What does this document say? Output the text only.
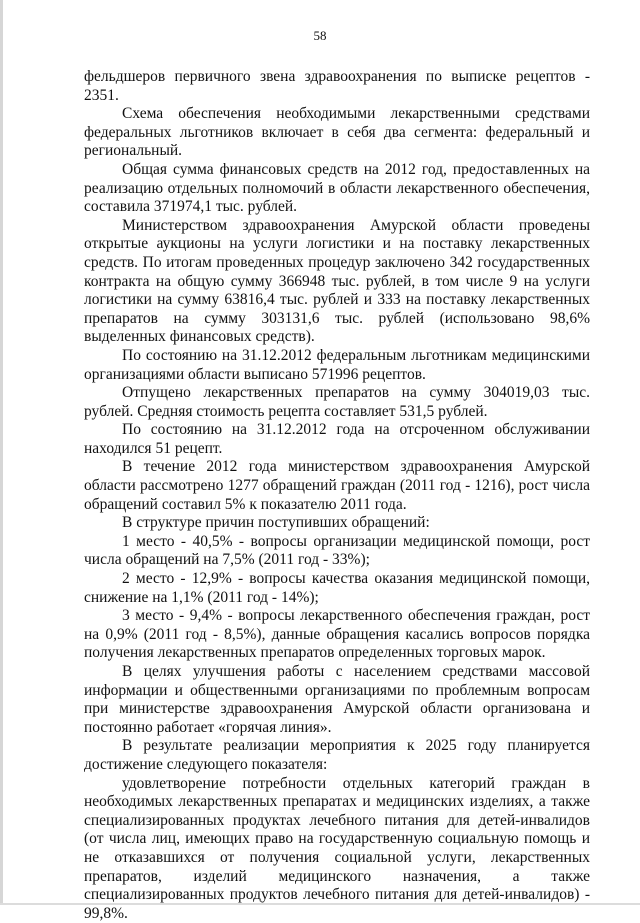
58

фельдшеров первичного звена здравоохранения по выписке рецептов - 2351.

Схема обеспечения необходимыми лекарственными средствами федеральных льготников включает в себя два сегмента: федеральный и региональный.

Общая сумма финансовых средств на 2012 год, предоставленных на реализацию отдельных полномочий в области лекарственного обеспечения, составила 371974,1 тыс. рублей.

Министерством здравоохранения Амурской области проведены открытые аукционы на услуги логистики и на поставку лекарственных средств. По итогам проведенных процедур заключено 342 государственных контракта на общую сумму 366948 тыс. рублей, в том числе 9 на услуги логистики на сумму 63816,4 тыс. рублей и 333 на поставку лекарственных препаратов на сумму 303131,6 тыс. рублей (использовано 98,6% выделенных финансовых средств).

По состоянию на 31.12.2012 федеральным льготникам медицинскими организациями области выписано 571996 рецептов.

Отпущено лекарственных препаратов на сумму 304019,03 тыс. рублей. Средняя стоимость рецепта составляет 531,5 рублей.

По состоянию на 31.12.2012 года на отсроченном обслуживании находился 51 рецепт.

В течение 2012 года министерством здравоохранения Амурской области рассмотрено 1277 обращений граждан (2011 год - 1216), рост числа обращений составил 5% к показателю 2011 года.

В структуре причин поступивших обращений:

1 место - 40,5% - вопросы организации медицинской помощи, рост числа обращений на 7,5% (2011 год - 33%);

2 место - 12,9% - вопросы качества оказания медицинской помощи, снижение на 1,1% (2011 год - 14%);

3 место - 9,4% - вопросы лекарственного обеспечения граждан, рост на 0,9% (2011 год - 8,5%), данные обращения касались вопросов порядка получения лекарственных препаратов определенных торговых марок.

В целях улучшения работы с населением средствами массовой информации и общественными организациями по проблемным вопросам при министерстве здравоохранения Амурской области организована и постоянно работает «горячая линия».

В результате реализации мероприятия к 2025 году планируется достижение следующего показателя:

удовлетворение потребности отдельных категорий граждан в необходимых лекарственных препаратах и медицинских изделиях, а также специализированных продуктах лечебного питания для детей-инвалидов (от числа лиц, имеющих право на государственную социальную помощь и не отказавшихся от получения социальной услуги, лекарственных препаратов, изделий медицинского назначения, а также специализированных продуктов лечебного питания для детей-инвалидов) - 99,8%.
